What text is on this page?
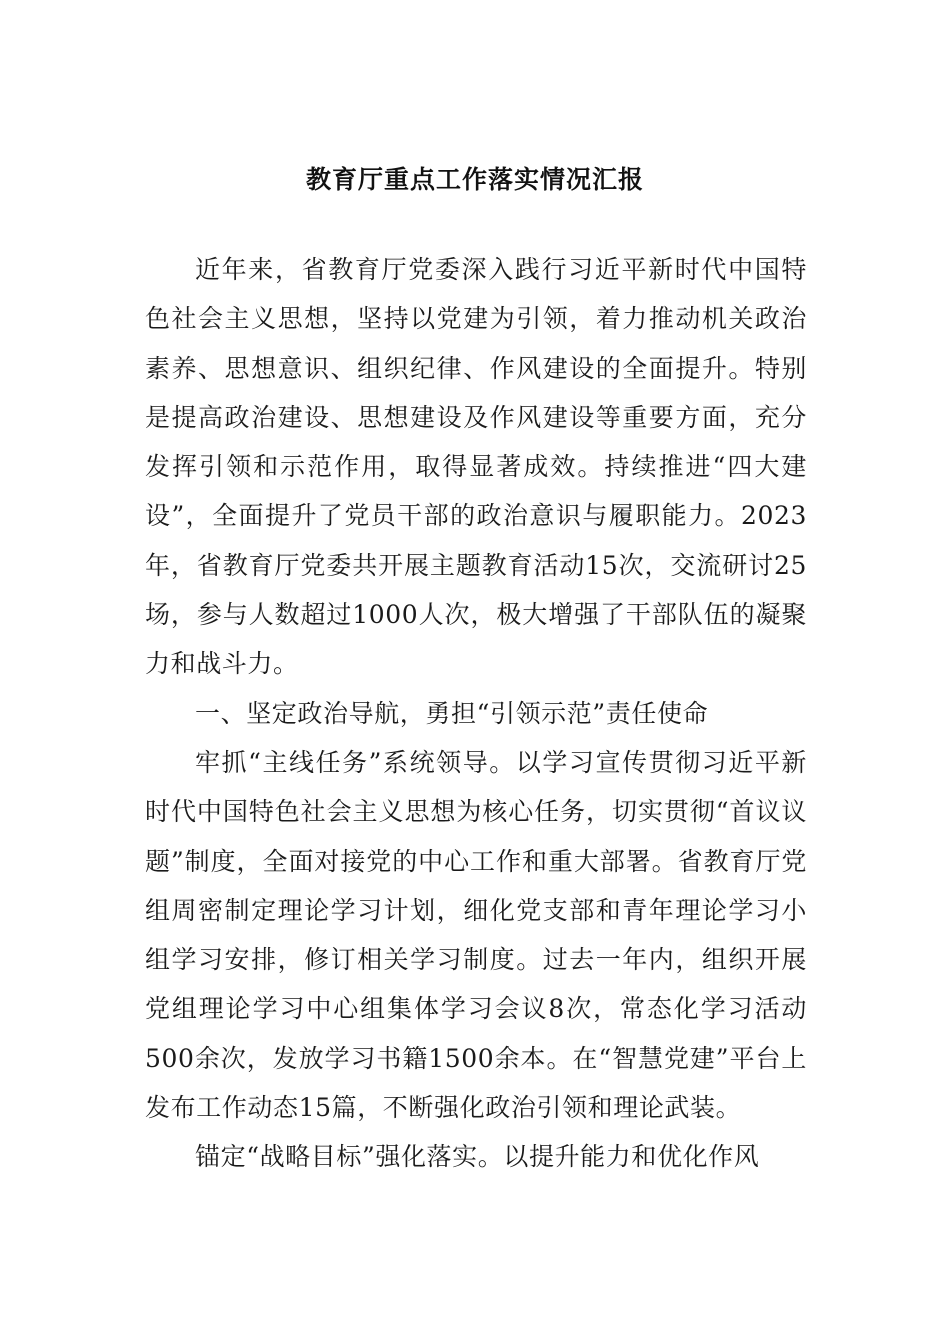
教育厅重点工作落实情况汇报

近年来，省教育厅党委深入践行习近平新时代中国特色社会主义思想，坚持以党建为引领，着力推动机关政治素养、思想意识、组织纪律、作风建设的全面提升。特别是提高政治建设、思想建设及作风建设等重要方面，充分发挥引领和示范作用，取得显著成效。持续推进“四大建设”，全面提升了党员干部的政治意识与履职能力。2023年，省教育厅党委共开展主题教育活动15次，交流研讨25场，参与人数超过1000人次，极大增强了干部队伍的凝聚力和战斗力。

一、坚定政治导航，勇担“引领示范”责任使命

牢抓“主线任务”系统领导。以学习宣传贯彻习近平新时代中国特色社会主义思想为核心任务，切实贯彻“首议议题”制度，全面对接党的中心工作和重大部署。省教育厅党组周密制定理论学习计划，细化党支部和青年理论学习小组学习安排，修订相关学习制度。过去一年内，组织开展党组理论学习中心组集体学习会议8次，常态化学习活动500余次，发放学习书籍1500余本。在“智慧党建”平台上发布工作动态15篇，不断强化政治引领和理论武装。

锚定“战略目标”强化落实。以提升能力和优化作风
